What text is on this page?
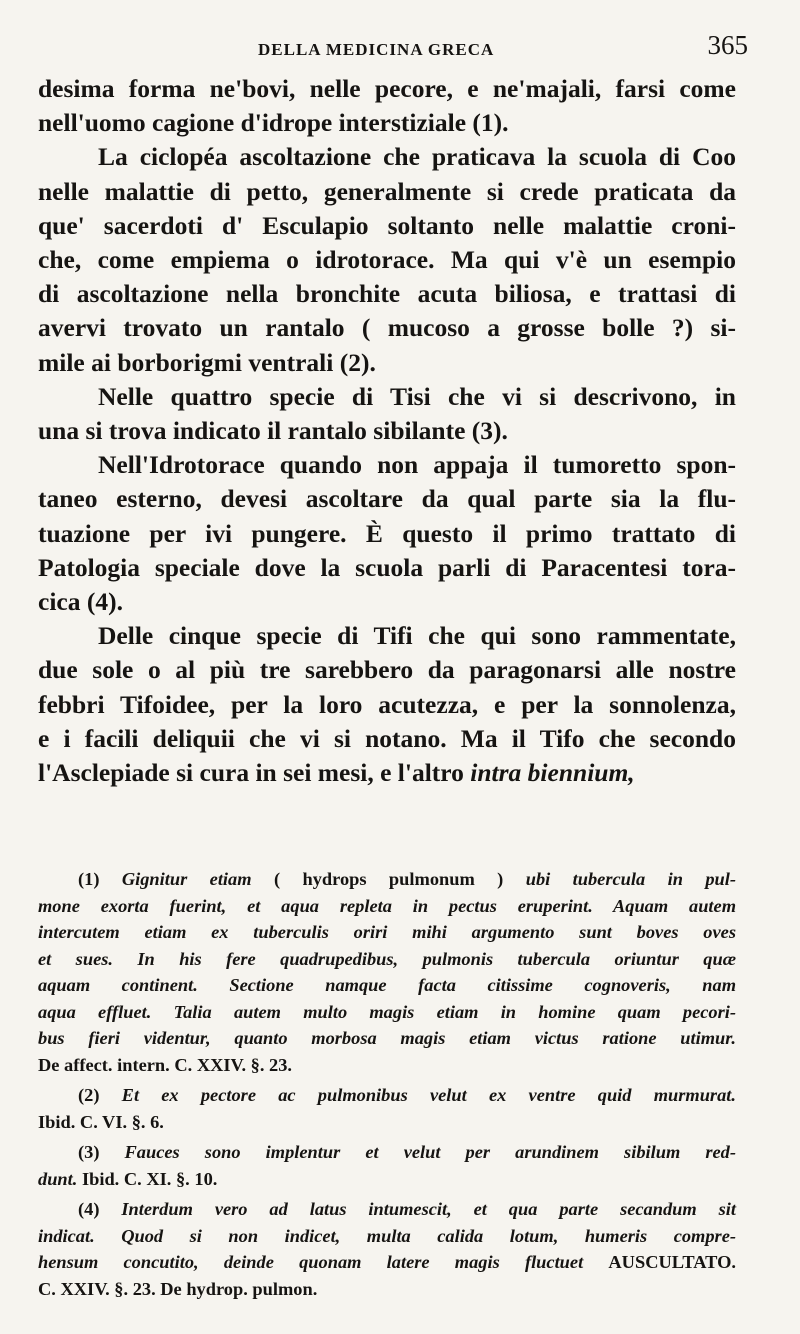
DELLA MEDICINA GRECA	365
desima forma ne'bovi, nelle pecore, e ne'majali, farsi come
nell'uomo cagione d'idrope interstiziale (1).
La ciclopéa ascoltazione che praticava la scuola di Coo
nelle malattie di petto, generalmente si crede praticata da
que' sacerdoti d' Esculapio soltanto nelle malattie croni-
che, come empiema o idrotorace. Ma qui v'è un esempio
di ascoltazione nella bronchite acuta biliosa, e trattasi di
avervi trovato un rantalo ( mucoso a grosse bolle ?) si-
mile ai borborigmi ventrali (2).
Nelle quattro specie di Tisi che vi si descrivono, in
una si trova indicato il rantalo sibilante (3).
Nell'Idrotorace quando non appaja il tumoretto spon-
taneo esterno, devesi ascoltare da qual parte sia la flu-
tuazione per ivi pungere. È questo il primo trattato di
Patologia speciale dove la scuola parli di Paracentesi tora-
cica (4).
Delle cinque specie di Tifi che qui sono rammentate,
due sole o al più tre sarebbero da paragonarsi alle nostre
febbri Tifoidee, per la loro acutezza, e per la sonnolenza,
e i facili deliquii che vi si notano. Ma il Tifo che secondo
l'Asclepiade si cura in sei mesi, e l'altro intra biennium,
(1) Gignitur etiam ( hydrops pulmonum ) ubi tubercula in pul-
mone exorta fuerint, et aqua repleta in pectus eruperint. Aquam autem
intercutem etiam ex tuberculis oriri mihi argumento sunt boves oves
et sues. In his fere quadrupedibus, pulmonis tubercula oriuntur quæ
aquam continent. Sectione namque facta citissime cognoveris, nam
aqua effluet. Talia autem multo magis etiam in homine quam pecori-
bus fieri videntur, quanto morbosa magis etiam victus ratione utimur.
De affect. intern. C. XXIV. §. 23.
(2) Et ex pectore ac pulmonibus velut ex ventre quid murmurat.
Ibid. C. VI. §. 6.
(3) Fauces sono implentur et velut per arundinem sibilum red-
dunt. Ibid. C. XI. §. 10.
(4) Interdum vero ad latus intumescit, et qua parte secandum sit
indicat. Quod si non indicet, multa calida lotum, humeris compre-
hensum concutito, deinde quonam latere magis fluctuet AUSCULTATO.
C. XXIV. §. 23. De hydrop. pulmon.
